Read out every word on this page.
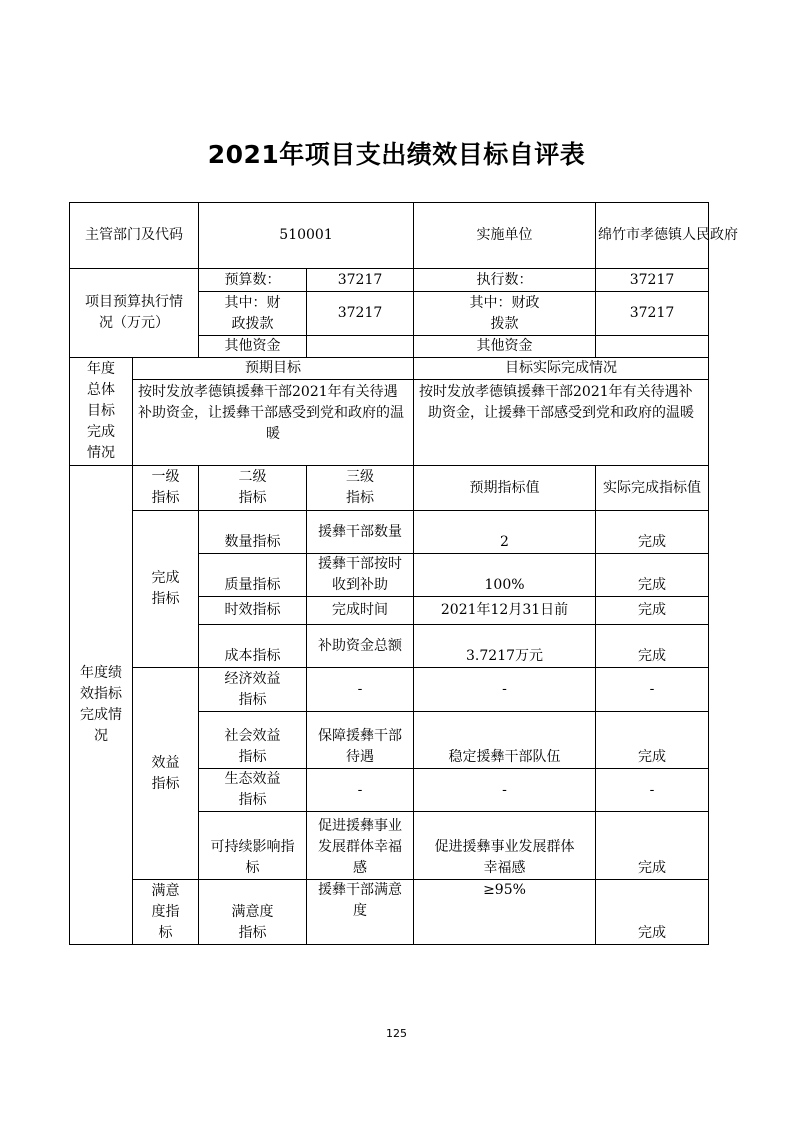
2021年项目支出绩效目标自评表
主管部门及代码		510001		实施单位	绵竹市孝德镇人民政府
项目预算执行情况（万元）		预算数：	37217	执行数：	37217
		其中：财政拨款	37217	其中：财政拨款	37217
		其他资金		其他资金	
年度总体目标完成情况	预期目标			目标实际完成情况	
	按时发放孝德镇援彝干部2021年有关待遇补助资金，让援彝干部感受到党和政府的温暖			按时发放孝德镇援彝干部2021年有关待遇补助资金，让援彝干部感受到党和政府的温暖	
年度绩效指标完成情况	一级指标	二级指标	三级指标	预期指标值	实际完成指标值
	完成指标	数量指标	援彝干部数量	2	完成
		质量指标	援彝干部按时收到补助	100%	完成
		时效指标	完成时间	2021年12月31日前	完成
		成本指标	补助资金总额	3.7217万元	完成
	效益指标	经济效益指标	-	-	-
		社会效益指标	保障援彝干部待遇	稳定援彝干部队伍	完成
		生态效益指标	-	-	-
		可持续影响指标	促进援彝事业发展群体幸福感	促进援彝事业发展群体幸福感	完成
	满意度指标	满意度指标	援彝干部满意度	≥95%	完成
125
